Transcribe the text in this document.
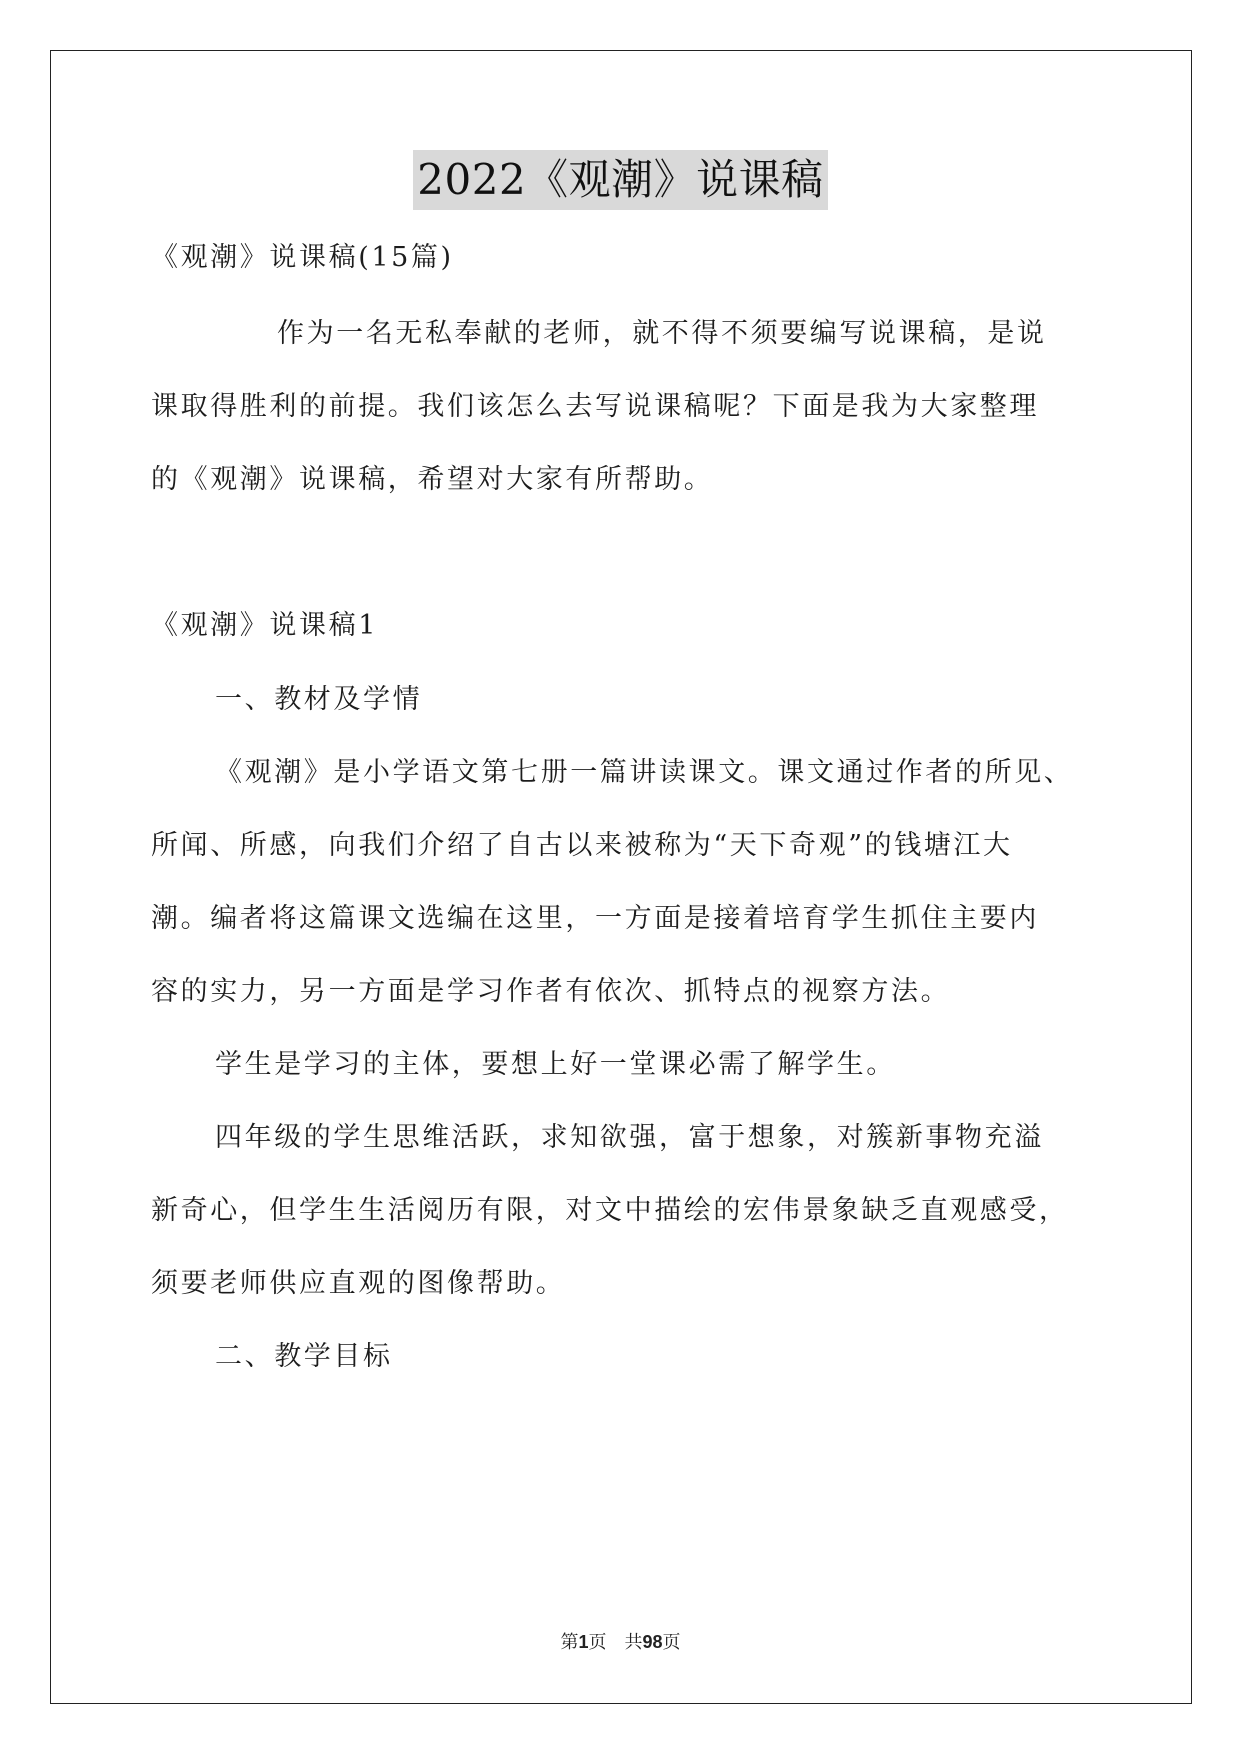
2022《观潮》说课稿
《观潮》说课稿(15篇)
作为一名无私奉献的老师，就不得不须要编写说课稿，是说
课取得胜利的前提。我们该怎么去写说课稿呢？下面是我为大家整理
的《观潮》说课稿，希望对大家有所帮助。
《观潮》说课稿1
一、教材及学情
《观潮》是小学语文第七册一篇讲读课文。课文通过作者的所见、
所闻、所感，向我们介绍了自古以来被称为“天下奇观”的钱塘江大
潮。编者将这篇课文选编在这里，一方面是接着培育学生抓住主要内
容的实力，另一方面是学习作者有依次、抓特点的视察方法。
学生是学习的主体，要想上好一堂课必需了解学生。
四年级的学生思维活跃，求知欲强，富于想象，对簇新事物充溢
新奇心，但学生生活阅历有限，对文中描绘的宏伟景象缺乏直观感受，
须要老师供应直观的图像帮助。
二、教学目标
第1页　共98页
